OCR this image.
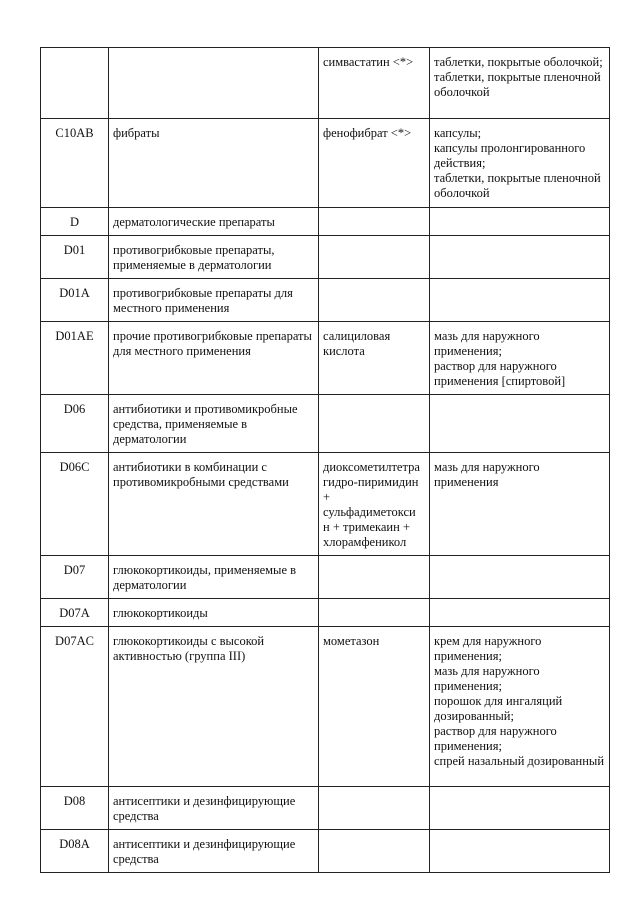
		симвастатин <*>	таблетки, покрытые оболочкой;
таблетки, покрытые пленочной оболочкой
C10AB	фибраты	фенофибрат <*>	капсулы;
капсулы пролонгированного действия;
таблетки, покрытые пленочной оболочкой
D	дерматологические препараты		
D01	противогрибковые препараты, применяемые в дерматологии		
D01A	противогрибковые препараты для местного применения		
D01AE	прочие противогрибковые препараты для местного применения	салициловая кислота	мазь для наружного применения;
раствор для наружного применения [спиртовой]
D06	антибиотики и противомикробные средства, применяемые в дерматологии		
D06C	антибиотики в комбинации с противомикробными средствами	диоксометилтетра гидро-пиримидин + сульфадиметокси н + тримекаин + хлорамфеникол	мазь для наружного применения
D07	глюкокортикоиды, применяемые в дерматологии		
D07A	глюкокортикоиды		
D07AC	глюкокортикоиды с высокой активностью (группа III)	мометазон	крем для наружного применения;
мазь для наружного применения;
порошок для ингаляций дозированный;
раствор для наружного применения;
спрей назальный дозированный
D08	антисептики и дезинфицирующие средства		
D08A	антисептики и дезинфицирующие средства		
